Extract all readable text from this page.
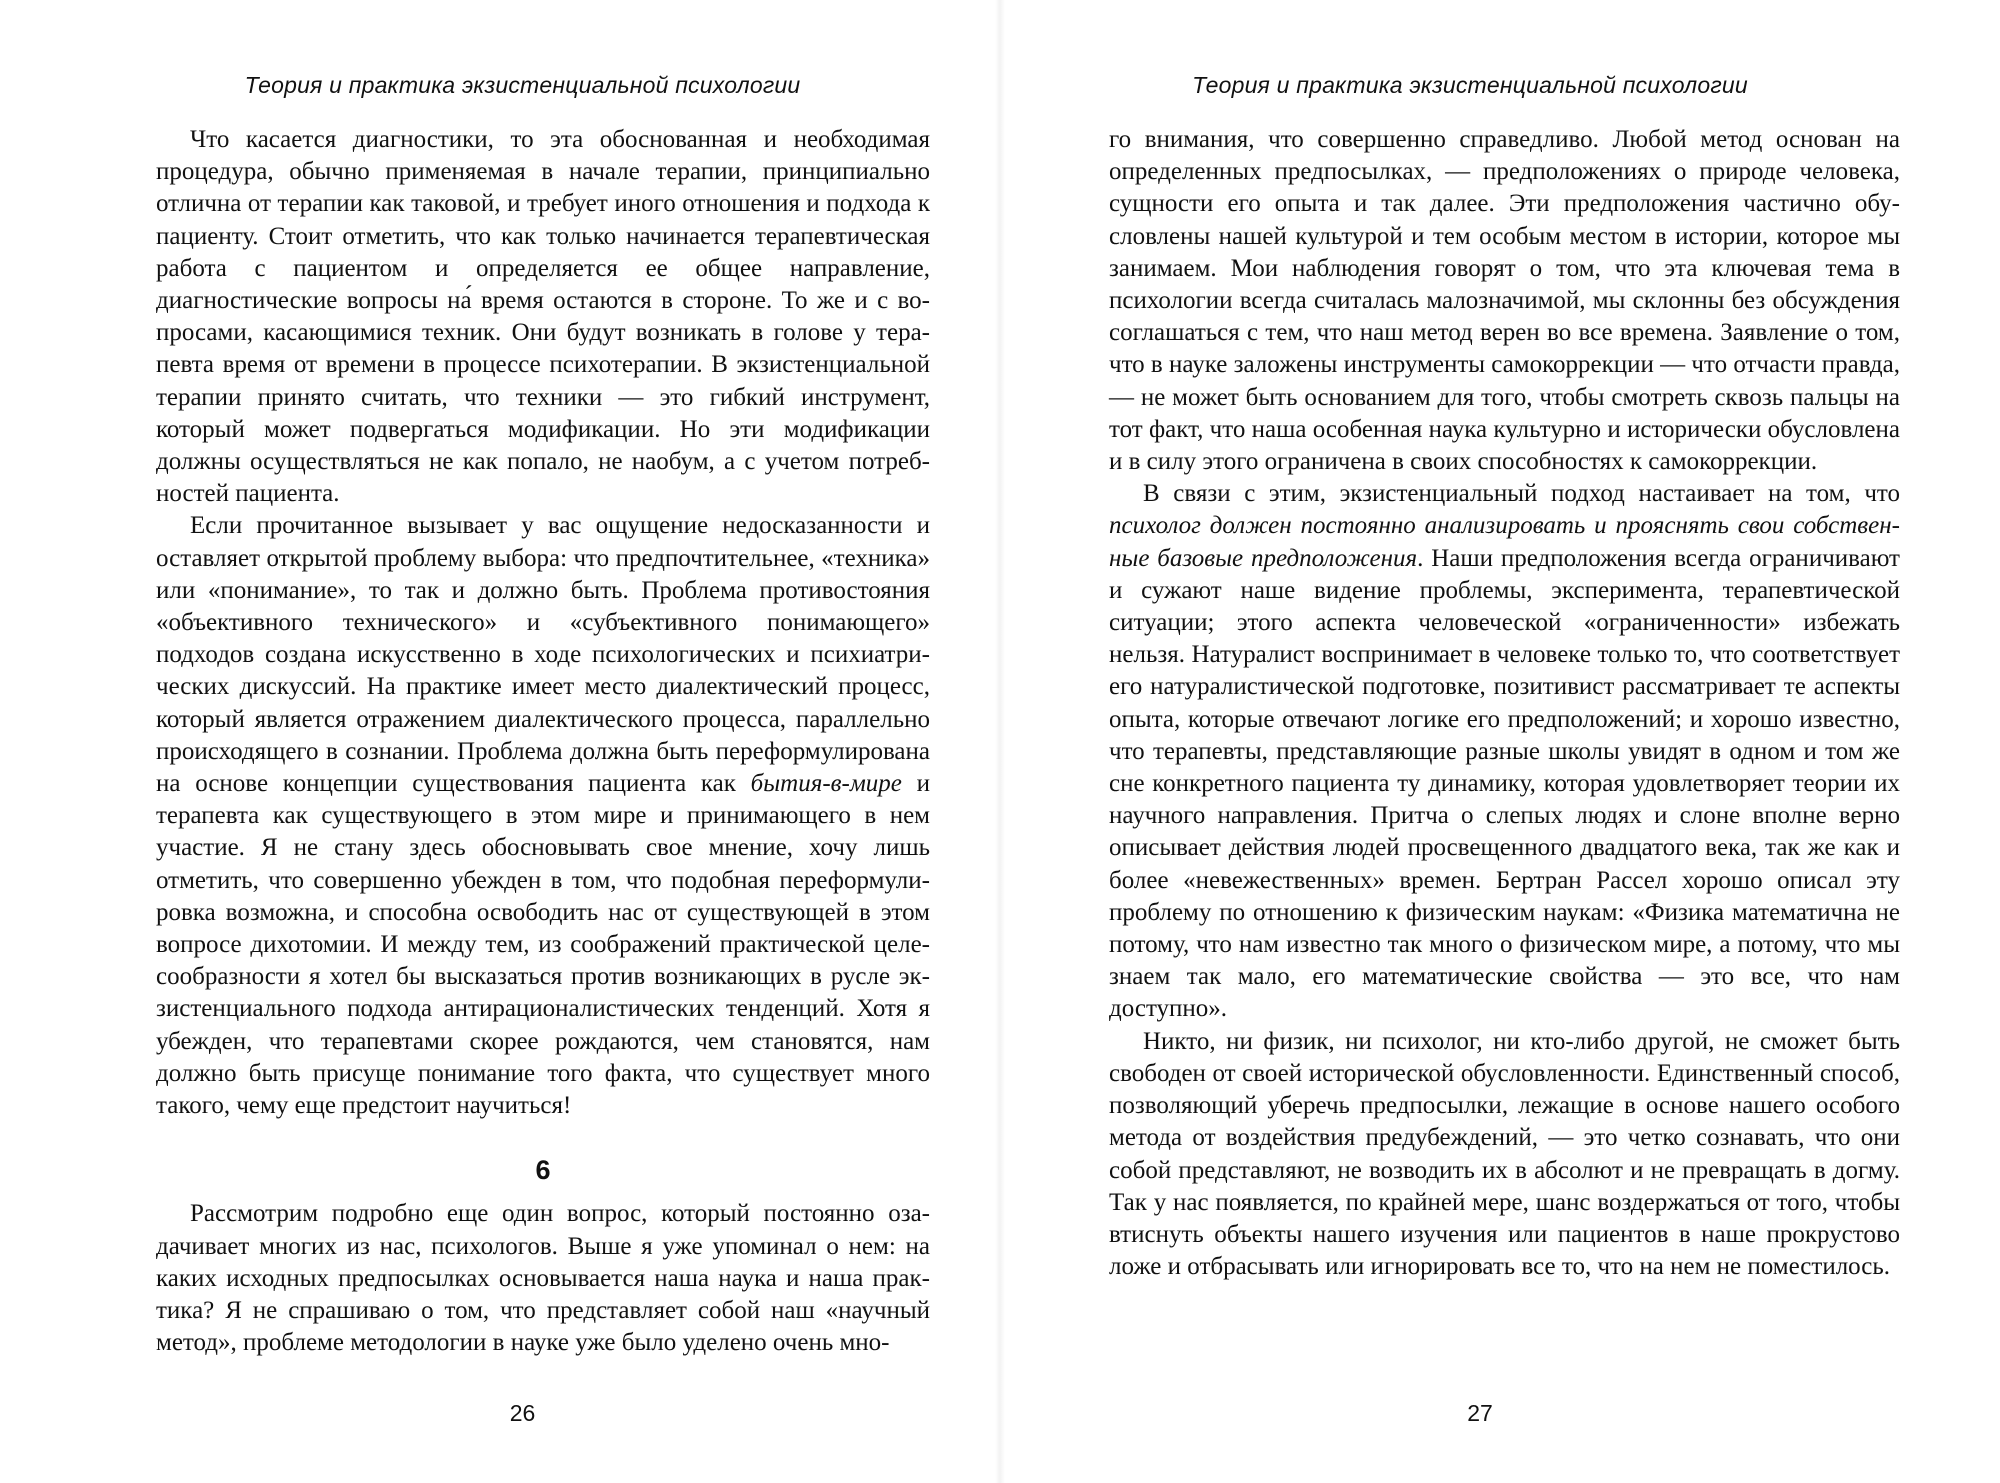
Теория и практика экзистенциальной психологии

Что касается диагностики, то эта обоснованная и необходимая процедура, обычно применяемая в начале терапии, принципиально отлична от терапии как таковой, и требует иного отношения и подхода к пациенту. Стоит отметить, что как только начинается терапевтическая работа с пациентом и определяется ее общее направление, диагностические вопросы на́ время остаются в стороне. То же и с вопросами, касающимися техник. Они будут возникать в голове у терапевта время от времени в процессе психотерапии. В экзистенциальной терапии принято считать, что техники — это гибкий инструмент, который может подвергаться модификации. Но эти модификации должны осуществляться не как попало, не наобум, а с учетом потребностей пациента.

Если прочитанное вызывает у вас ощущение недосказанности и оставляет открытой проблему выбора: что предпочтительнее, «техника» или «понимание», то так и должно быть. Проблема противостояния «объективного технического» и «субъективного понимающего» подходов создана искусственно в ходе психологических и психиатрических дискуссий. На практике имеет место диалектический процесс, который является отражением диалектического процесса, параллельно происходящего в сознании. Проблема должна быть переформулирована на основе концепции существования пациента как бытия-в-мире и терапевта как существующего в этом мире и принимающего в нем участие. Я не стану здесь обосновывать свое мнение, хочу лишь отметить, что совершенно убежден в том, что подобная переформулировка возможна, и способна освободить нас от существующей в этом вопросе дихотомии. И между тем, из соображений практической целесообразности я хотел бы высказаться против возникающих в русле экзистенциального подхода антирационалистических тенденций. Хотя я убежден, что терапевтами скорее рождаются, чем становятся, нам должно быть присуще понимание того факта, что существует много такого, чему еще предстоит научиться!

6

Рассмотрим подробно еще один вопрос, который постоянно озадачивает многих из нас, психологов. Выше я уже упоминал о нем: на каких исходных предпосылках основывается наша наука и наша практика? Я не спрашиваю о том, что представляет собой наш «научный метод», проблеме методологии в науке уже было уделено очень мно-

26
Теория и практика экзистенциальной психологии

го внимания, что совершенно справедливо. Любой метод основан на определенных предпосылках, — предположениях о природе человека, сущности его опыта и так далее. Эти предположения частично обусловлены нашей культурой и тем особым местом в истории, которое мы занимаем. Мои наблюдения говорят о том, что эта ключевая тема в психологии всегда считалась малозначимой, мы склонны без обсуждения соглашаться с тем, что наш метод верен во все времена. Заявление о том, что в науке заложены инструменты самокоррекции — что отчасти правда, — не может быть основанием для того, чтобы смотреть сквозь пальцы на тот факт, что наша особенная наука культурно и исторически обусловлена и в силу этого ограничена в своих способностях к самокоррекции.

В связи с этим, экзистенциальный подход настаивает на том, что психолог должен постоянно анализировать и прояснять свои собственные базовые предположения. Наши предположения всегда ограничивают и сужают наше видение проблемы, эксперимента, терапевтической ситуации; этого аспекта человеческой «ограниченности» избежать нельзя. Натуралист воспринимает в человеке только то, что соответствует его натуралистической подготовке, позитивист рассматривает те аспекты опыта, которые отвечают логике его предположений; и хорошо известно, что терапевты, представляющие разные школы увидят в одном и том же сне конкретного пациента ту динамику, которая удовлетворяет теории их научного направления. Притча о слепых людях и слоне вполне верно описывает действия людей просвещенного двадцатого века, так же как и более «невежественных» времен. Бертран Рассел хорошо описал эту проблему по отношению к физическим наукам: «Физика математична не потому, что нам известно так много о физическом мире, а потому, что мы знаем так мало, его математические свойства — это все, что нам доступно».

Никто, ни физик, ни психолог, ни кто-либо другой, не сможет быть свободен от своей исторической обусловленности. Единственный способ, позволяющий уберечь предпосылки, лежащие в основе нашего особого метода от воздействия предубеждений, — это четко сознавать, что они собой представляют, не возводить их в абсолют и не превращать в догму. Так у нас появляется, по крайней мере, шанс воздержаться от того, чтобы втиснуть объекты нашего изучения или пациентов в наше прокрустово ложе и отбрасывать или игнорировать все то, что на нем не поместилось.

27
